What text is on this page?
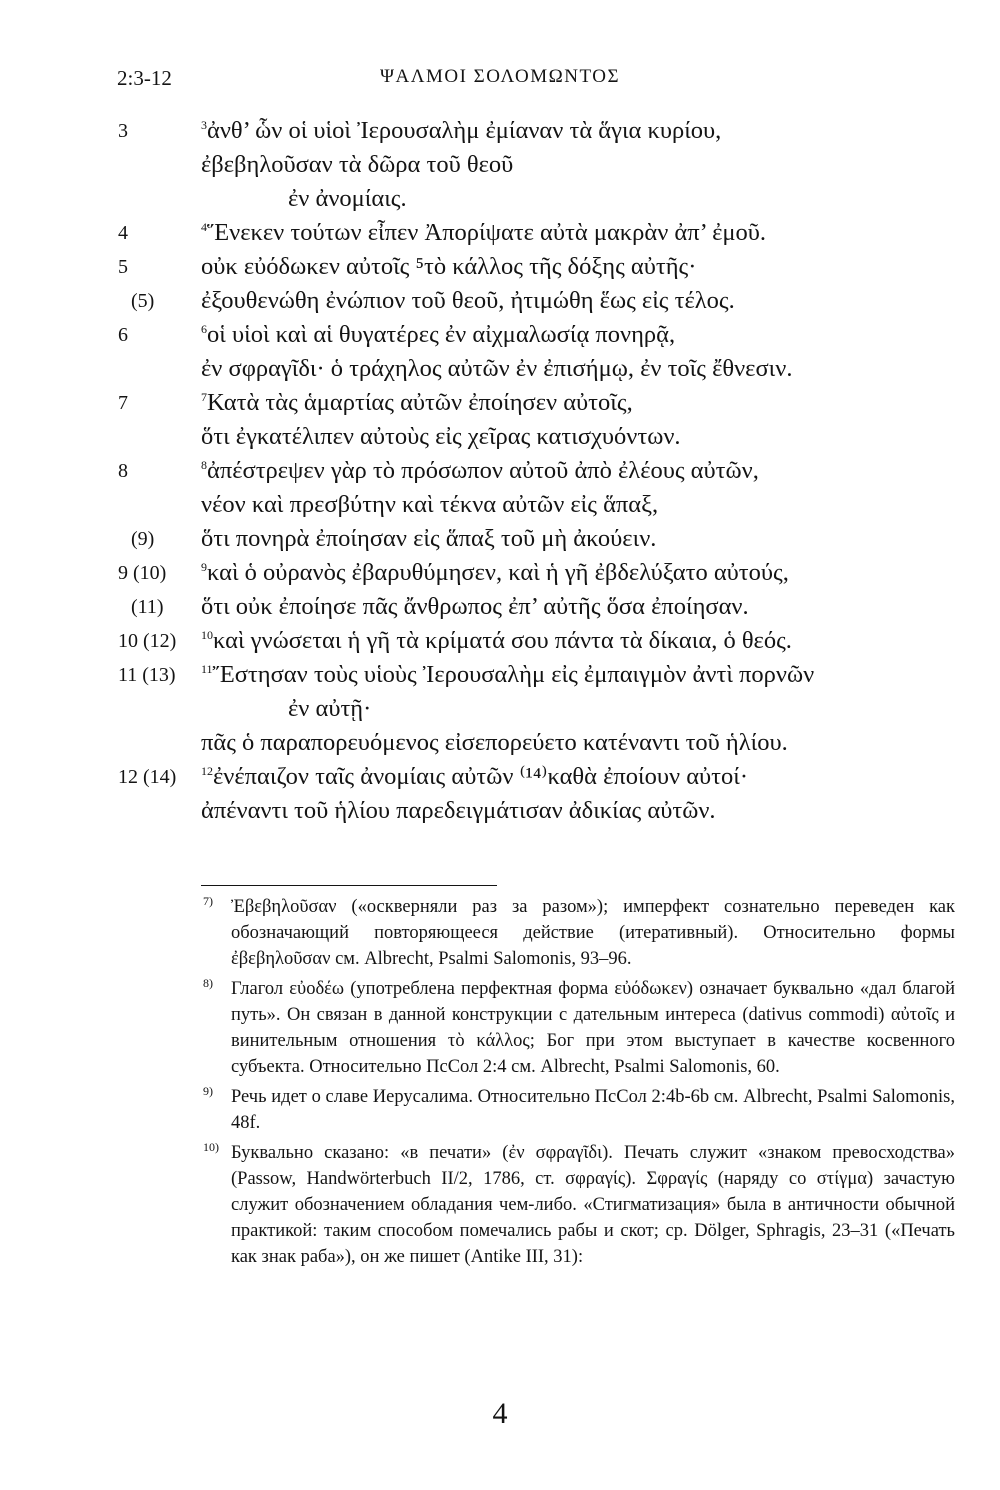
2:3-12	ΨΑΛΜΟΙ ΣΟΛΟΜΩΝΤΟΣ
3	$^3$ἀνθ’ ὧν οἱ υἱοὶ Ἰερουσαλὴμ ἐμίαναν τὰ ἅγια κυρίου,
ἐβεβηλοῦσαν τὰ δῶρα τοῦ θεοῦ
ἐν ἀνομίαις.
4	$^4$Ἕνεκεν τούτων εἶπεν Ἀπορίψατε αὐτὰ μακρὰν ἀπ’ ἐμοῦ.
5	οὐκ εὐόδωκεν αὐτοῖς ⁵τὸ κάλλος τῆς δόξης αὐτῆς·
(5) ἐξουθενώθη ἐνώπιον τοῦ θεοῦ, ἠτιμώθη ἕως εἰς τέλος.
6	$^6$οἱ υἱοὶ καὶ αἱ θυγατέρες ἐν αἰχμαλωσίᾳ πονηρᾷ,
ἐν σφραγῖδι· ὁ τράχηλος αὐτῶν ἐν ἐπισήμῳ, ἐν τοῖς ἔθνεσιν.
7	$^7$Κατὰ τὰς ἁμαρτίας αὐτῶν ἐποίησεν αὐτοῖς,
ὅτι ἐγκατέλιπεν αὐτοὺς εἰς χεῖρας κατισχυόντων.
8	$^8$ἀπέστρεψεν γὰρ τὸ πρόσωπον αὐτοῦ ἀπὸ ἐλέους αὐτῶν,
νέον καὶ πρεσβύτην καὶ τέκνα αὐτῶν εἰς ἅπαξ,
(9) ὅτι πονηρὰ ἐποίησαν εἰς ἅπαξ τοῦ μὴ ἀκούειν.
9 (10)	$^9$καὶ ὁ οὐρανὸς ἐβαρυθύμησεν, καὶ ἡ γῆ ἐβδελύξατο αὐτούς,
(11) ὅτι οὐκ ἐποίησε πᾶς ἄνθρωπος ἐπ’ αὐτῆς ὅσα ἐποίησαν.
10 (12) $^{10}$καὶ γνώσεται ἡ γῆ τὰ κρίματά σου πάντα τὰ δίκαια, ὁ θεός.
11 (13) $^{11}$Ἔστησαν τοὺς υἱοὺς Ἰερουσαλὴμ εἰς ἐμπαιγμὸν ἀντὶ πορνῶν
ἐν αὐτῇ·
πᾶς ὁ παραπορευόμενος εἰσεπορεύετο κατέναντι τοῦ ἡλίου.
12 (14) $^{12}$ἐνέπαιζον ταῖς ἀνομίαις αὐτῶν ⁽¹⁴⁾καθὰ ἐποίουν αὐτοί·
ἀπέναντι τοῦ ἡλίου παρεδειγμάτισαν ἀδικίας αὐτῶν.
7) Ἐβεβηλοῦσαν («оскверняли раз за разом»); имперфект сознательно переведен как обозначающий повторяющееся действие (итеративный). Относительно формы ἐβεβηλοῦσαν см. Albrecht, Psalmi Salomonis, 93–96.
8) Глагол εὐοδέω (употреблена перфектная форма εὐόδωκεν) означает буквально «дал благой путь». Он связан в данной конструкции с дательным интереса (dativus commodi) αὐτοῖς и винительным отношения τὸ κάλλος; Бог при этом выступает в качестве косвенного субъекта. Относительно ПсСол 2:4 см. Albrecht, Psalmi Salomonis, 60.
9) Речь идет о славе Иерусалима. Относительно ПсСол 2:4b-6b см. Albrecht, Psalmi Salomonis, 48f.
10) Буквально сказано: «в печати» (ἐν σφραγῖδι). Печать служит «знаком превосходства» (Passow, Handwörterbuch II/2, 1786, ст. σφραγίς). Σφραγίς (наряду со στίγμα) зачастую служит обозначением обладания чем-либо. «Стигматизация» была в античности обычной практикой: таким способом помечались рабы и скот; ср. Dölger, Sphragis, 23–31 («Печать как знак раба»), он же пишет (Antike III, 31):
4
